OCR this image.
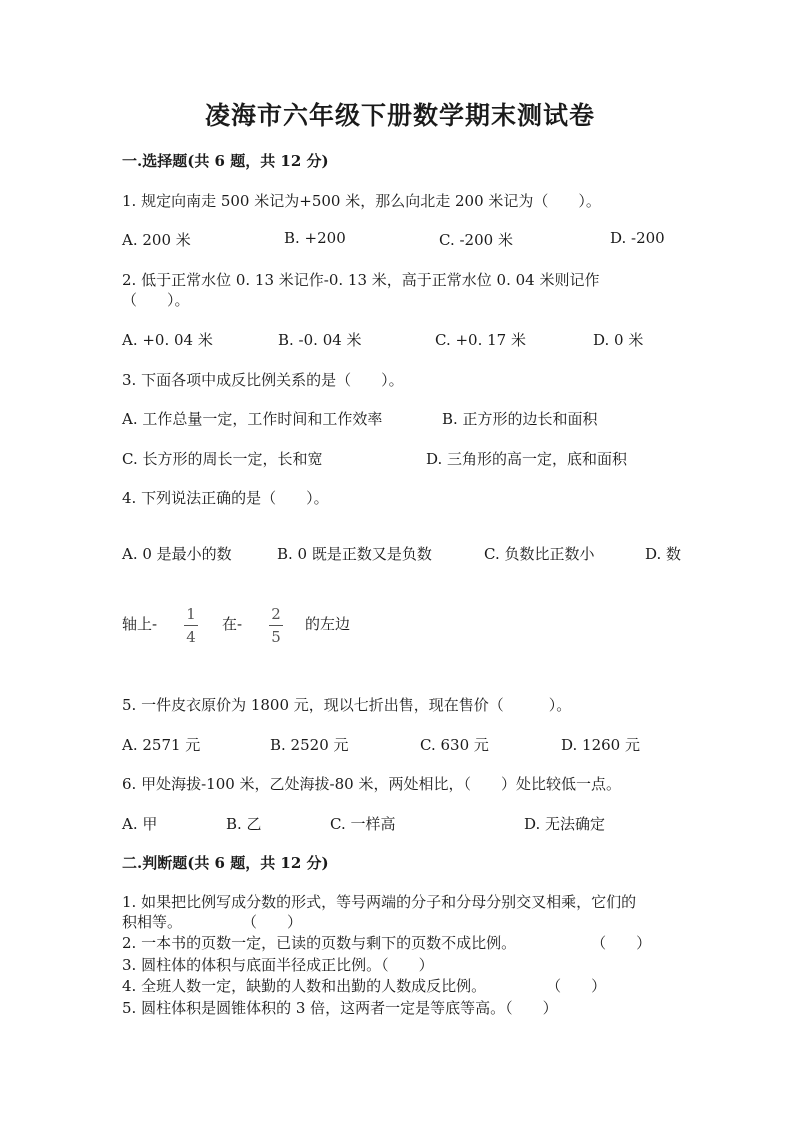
凌海市六年级下册数学期末测试卷
一.选择题(共 6 题，共 12 分)
1. 规定向南走 500 米记为+500 米，那么向北走 200 米记为（　　）。
A. 200 米	B. +200	C. -200 米	D. -200
2. 低于正常水位 0. 13 米记作-0. 13 米，高于正常水位 0. 04 米则记作
（　　）。
A. +0. 04 米	B. -0. 04 米	C. +0. 17 米	D. 0 米
3. 下面各项中成反比例关系的是（　　）。
A. 工作总量一定，工作时间和工作效率	B. 正方形的边长和面积
C. 长方形的周长一定，长和宽	D. 三角形的高一定，底和面积
4. 下列说法正确的是（　　）。
A. 0 是最小的数	B. 0 既是正数又是负数	C. 负数比正数小	D. 数
轴上-
1
4
在-
2
5
的左边
5. 一件皮衣原价为 1800 元，现以七折出售，现在售价（　　　）。
A. 2571 元	B. 2520 元	C. 630 元	D. 1260 元
6. 甲处海拔-100 米，乙处海拔-80 米，两处相比，（　　）处比较低一点。
A. 甲	B. 乙	C. 一样高	D. 无法确定
二.判断题(共 6 题，共 12 分)
1. 如果把比例写成分数的形式，等号两端的分子和分母分别交叉相乘，它们的
积相等。　　　　　（　　）
2. 一本书的页数一定，已读的页数与剩下的页数不成比例。　　　　　　（　　）
3. 圆柱体的体积与底面半径成正比例。（　　）
4. 全班人数一定，缺勤的人数和出勤的人数成反比例。　　　　　（　　）
5. 圆柱体积是圆锥体积的 3 倍，这两者一定是等底等高。（　　）
